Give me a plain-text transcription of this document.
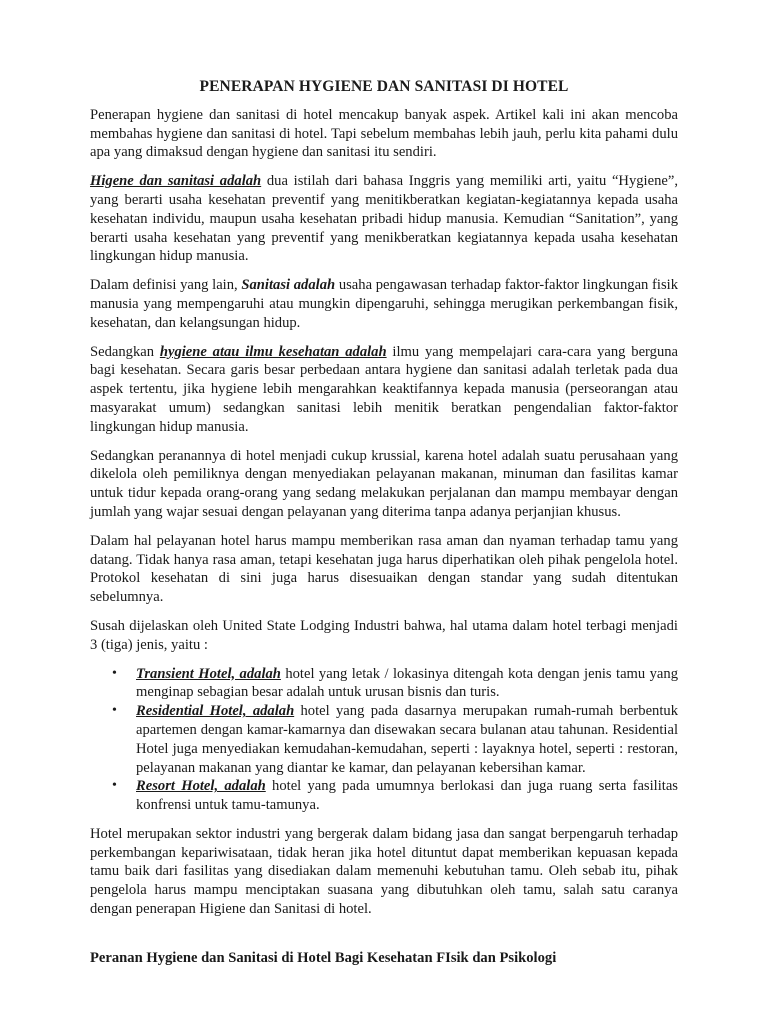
PENERAPAN HYGIENE DAN SANITASI DI HOTEL

Penerapan hygiene dan sanitasi di hotel mencakup banyak aspek. Artikel kali ini akan mencoba membahas hygiene dan sanitasi di hotel. Tapi sebelum membahas lebih jauh, perlu kita pahami dulu apa yang dimaksud dengan hygiene dan sanitasi itu sendiri.

Higene dan sanitasi adalah dua istilah dari bahasa Inggris yang memiliki arti, yaitu “Hygiene”, yang berarti usaha kesehatan preventif yang menitikberatkan kegiatan-kegiatannya kepada usaha kesehatan individu, maupun usaha kesehatan pribadi hidup manusia. Kemudian “Sanitation”, yang berarti usaha kesehatan yang preventif yang menikberatkan kegiatannya kepada usaha kesehatan lingkungan hidup manusia.

Dalam definisi yang lain, Sanitasi adalah usaha pengawasan terhadap faktor-faktor lingkungan fisik manusia yang mempengaruhi atau mungkin dipengaruhi, sehingga merugikan perkembangan fisik, kesehatan, dan kelangsungan hidup.

Sedangkan hygiene atau ilmu kesehatan adalah ilmu yang mempelajari cara-cara yang berguna bagi kesehatan. Secara garis besar perbedaan antara hygiene dan sanitasi adalah terletak pada dua aspek tertentu, jika hygiene lebih mengarahkan keaktifannya kepada manusia (perseorangan atau masyarakat umum) sedangkan sanitasi lebih menitik beratkan pengendalian faktor-faktor lingkungan hidup manusia.

Sedangkan peranannya di hotel menjadi cukup krussial, karena hotel adalah suatu perusahaan yang dikelola oleh pemiliknya dengan menyediakan pelayanan makanan, minuman dan fasilitas kamar untuk tidur kepada orang-orang yang sedang melakukan perjalanan dan mampu membayar dengan jumlah yang wajar sesuai dengan pelayanan yang diterima tanpa adanya perjanjian khusus.

Dalam hal pelayanan hotel harus mampu memberikan rasa aman dan nyaman terhadap tamu yang datang. Tidak hanya rasa aman, tetapi kesehatan juga harus diperhatikan oleh pihak pengelola hotel. Protokol kesehatan di sini juga harus disesuaikan dengan standar yang sudah ditentukan sebelumnya.

Susah dijelaskan oleh United State Lodging Industri bahwa, hal utama dalam hotel terbagi menjadi 3 (tiga) jenis, yaitu :

• Transient Hotel, adalah hotel yang letak / lokasinya ditengah kota dengan jenis tamu yang menginap sebagian besar adalah untuk urusan bisnis dan turis.
• Residential Hotel, adalah hotel yang pada dasarnya merupakan rumah-rumah berbentuk apartemen dengan kamar-kamarnya dan disewakan secara bulanan atau tahunan. Residential Hotel juga menyediakan kemudahan-kemudahan, seperti : layaknya hotel, seperti : restoran, pelayanan makanan yang diantar ke kamar, dan pelayanan kebersihan kamar.
• Resort Hotel, adalah hotel yang pada umumnya berlokasi dan juga ruang serta fasilitas konfrensi untuk tamu-tamunya.

Hotel merupakan sektor industri yang bergerak dalam bidang jasa dan sangat berpengaruh terhadap perkembangan kepariwisataan, tidak heran jika hotel dituntut dapat memberikan kepuasan kepada tamu baik dari fasilitas yang disediakan dalam memenuhi kebutuhan tamu. Oleh sebab itu, pihak pengelola harus mampu menciptakan suasana yang dibutuhkan oleh tamu, salah satu caranya dengan penerapan Higiene dan Sanitasi di hotel.

Peranan Hygiene dan Sanitasi di Hotel Bagi Kesehatan FIsik dan Psikologi
